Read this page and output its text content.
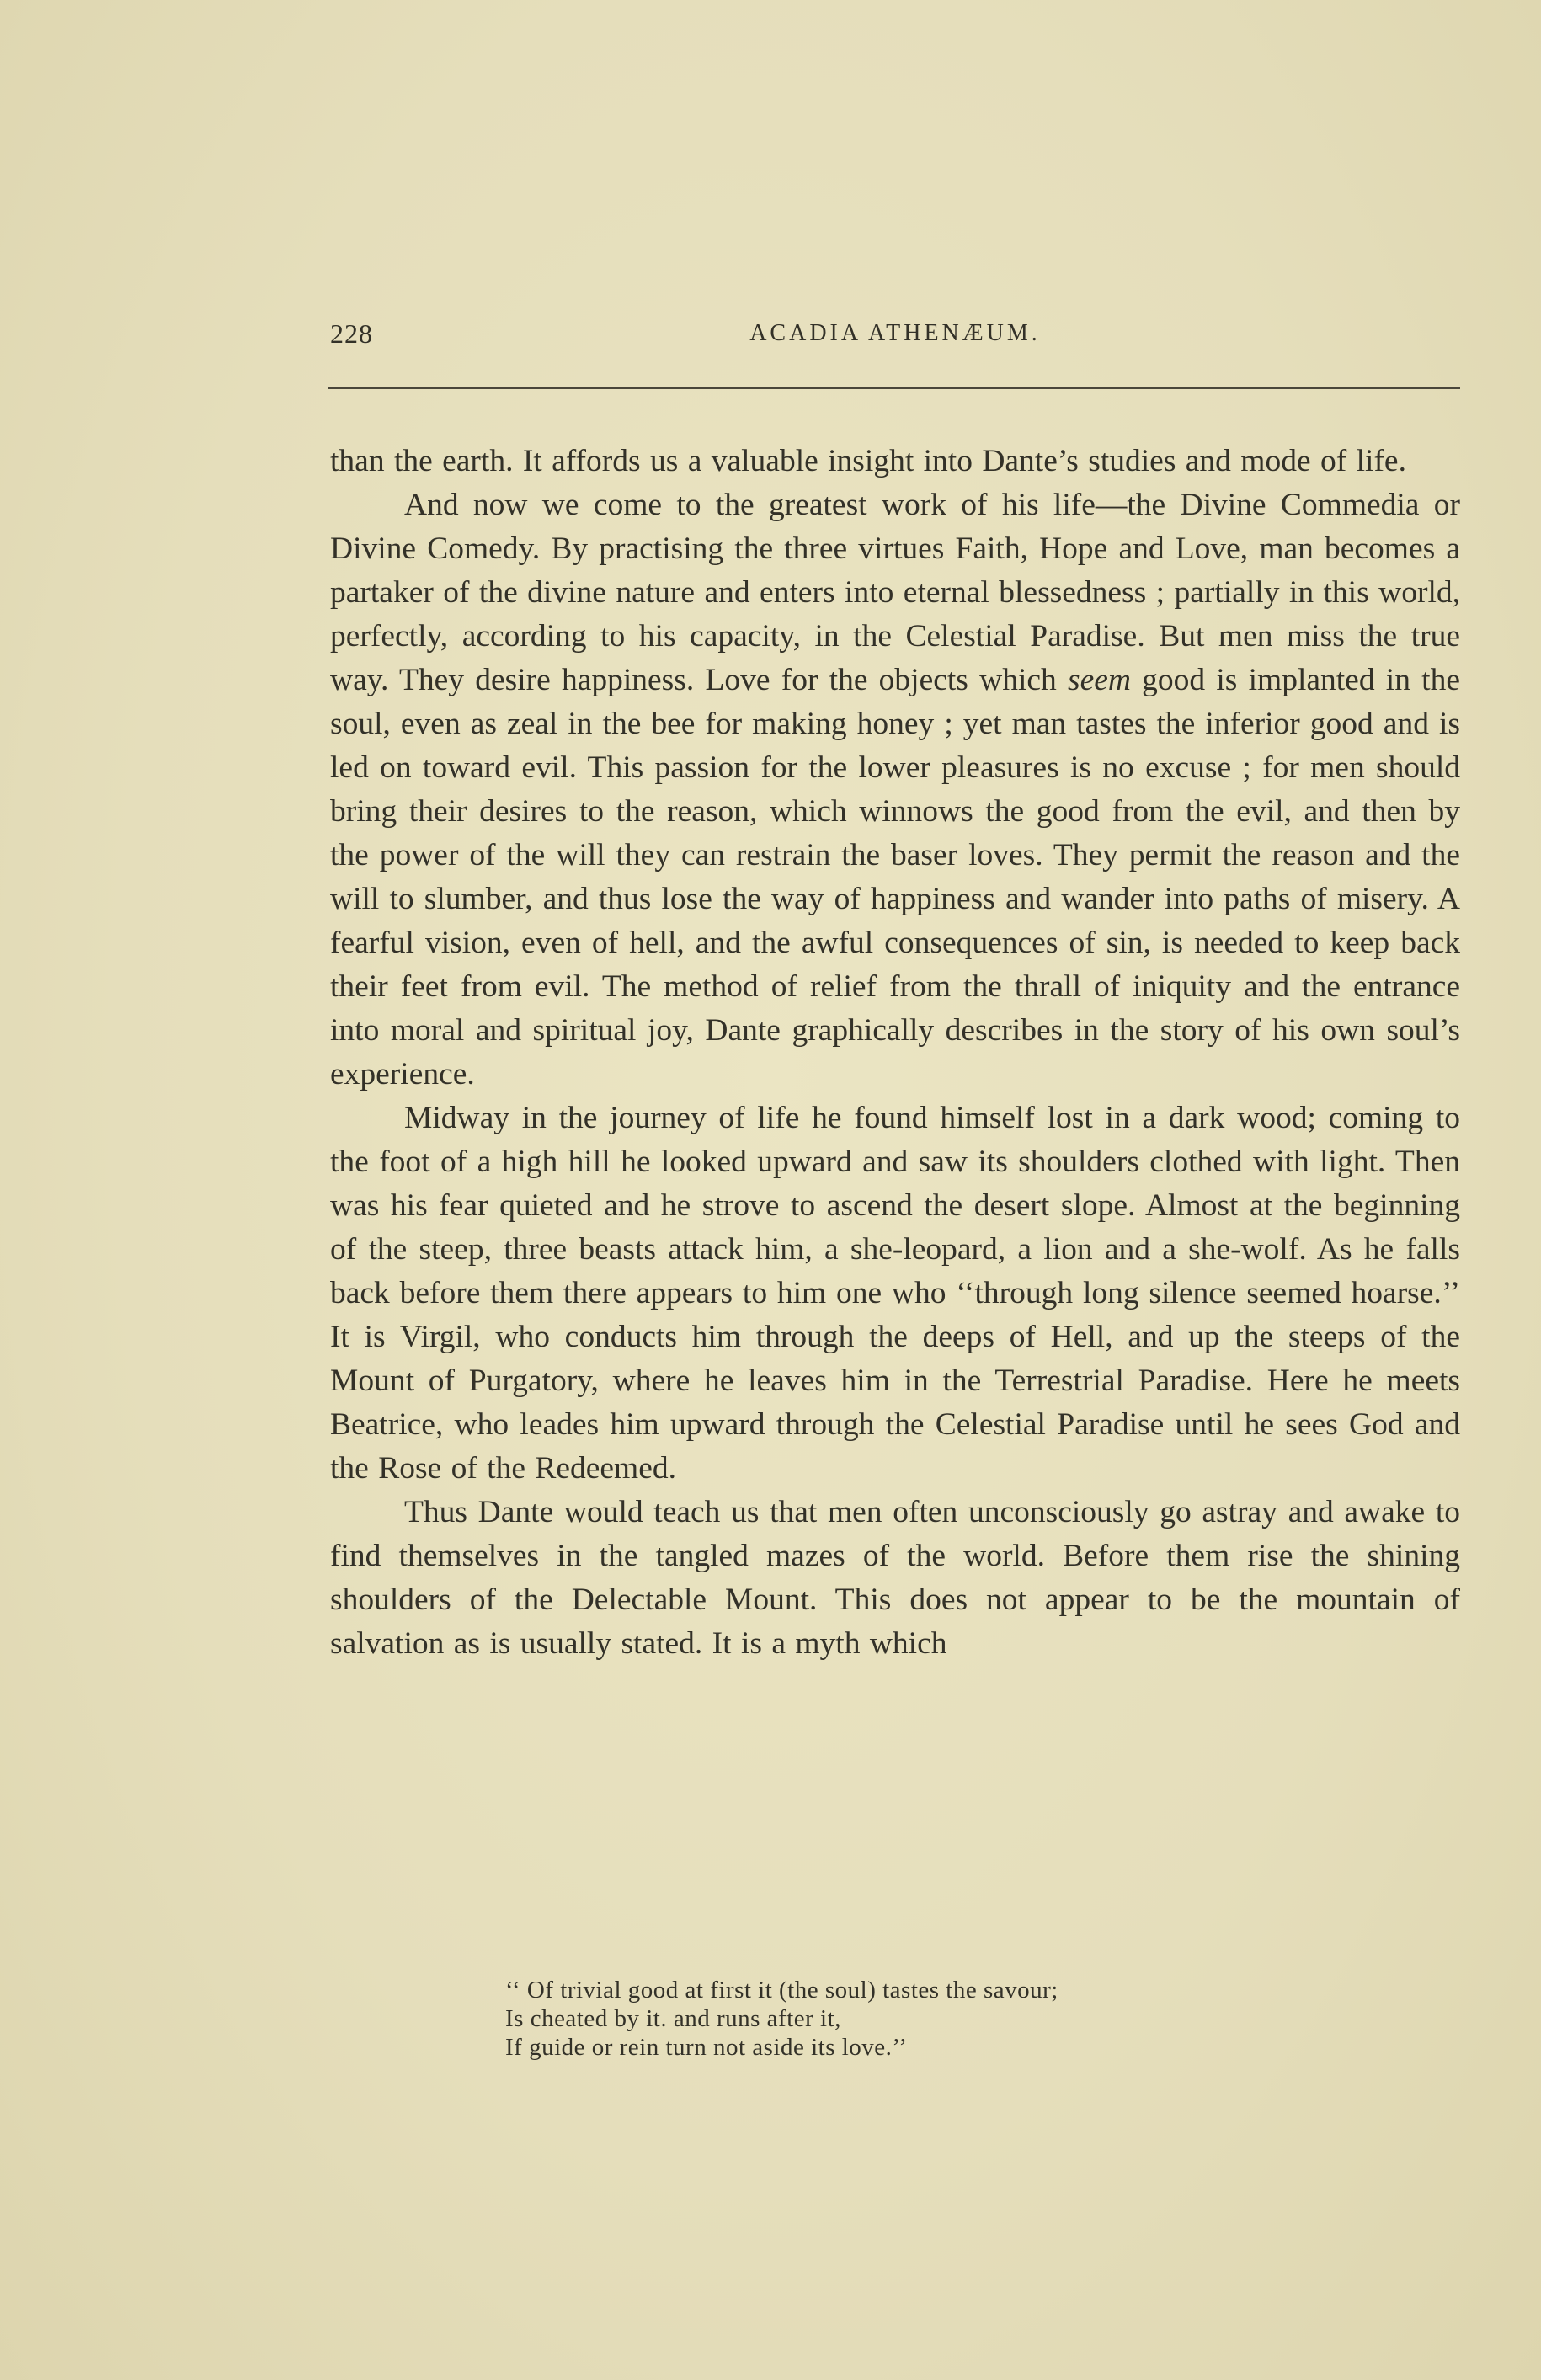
228	ACADIA ATHENÆUM.

than the earth. It affords us a valuable insight into Dante’s studies and mode of life.

And now we come to the greatest work of his life—the Divine Commedia or Divine Comedy. By practising the three virtues Faith, Hope and Love, man becomes a partaker of the divine nature and enters into eternal blessedness ; partially in this world, perfectly, according to his capacity, in the Celestial Paradise. But men miss the true way. They desire happiness. Love for the objects which seem good is implanted in the soul, even as zeal in the bee for making honey ; yet man tastes the inferior good and is led on toward evil. This passion for the lower pleasures is no excuse ; for men should bring their desires to the reason, which winnows the good from the evil, and then by the power of the will they can restrain the baser loves. They permit the reason and the will to slumber, and thus lose the way of happiness and wander into paths of misery. A fearful vision, even of hell, and the awful consequences of sin, is needed to keep back their feet from evil. The method of relief from the thrall of iniquity and the entrance into moral and spiritual joy, Dante graphically describes in the story of his own soul’s experience.

Midway in the journey of life he found himself lost in a dark wood; coming to the foot of a high hill he looked upward and saw its shoulders clothed with light. Then was his fear quieted and he strove to ascend the desert slope. Almost at the beginning of the steep, three beasts attack him, a she-leopard, a lion and a she-wolf. As he falls back before them there appears to him one who ‘‘through long silence seemed hoarse.’’ It is Virgil, who conducts him through the deeps of Hell, and up the steeps of the Mount of Purgatory, where he leaves him in the Terrestrial Paradise. Here he meets Beatrice, who leades him upward through the Celestial Paradise until he sees God and the Rose of the Redeemed.

Thus Dante would teach us that men often unconsciously go astray and awake to find themselves in the tangled mazes of the world. Before them rise the shining shoulders of the Delectable Mount. This does not appear to be the mountain of salvation as is usually stated. It is a myth which

‘‘ Of trivial good at first it (the soul) tastes the savour;
Is cheated by it. and runs after it,
If guide or rein turn not aside its love.’’
